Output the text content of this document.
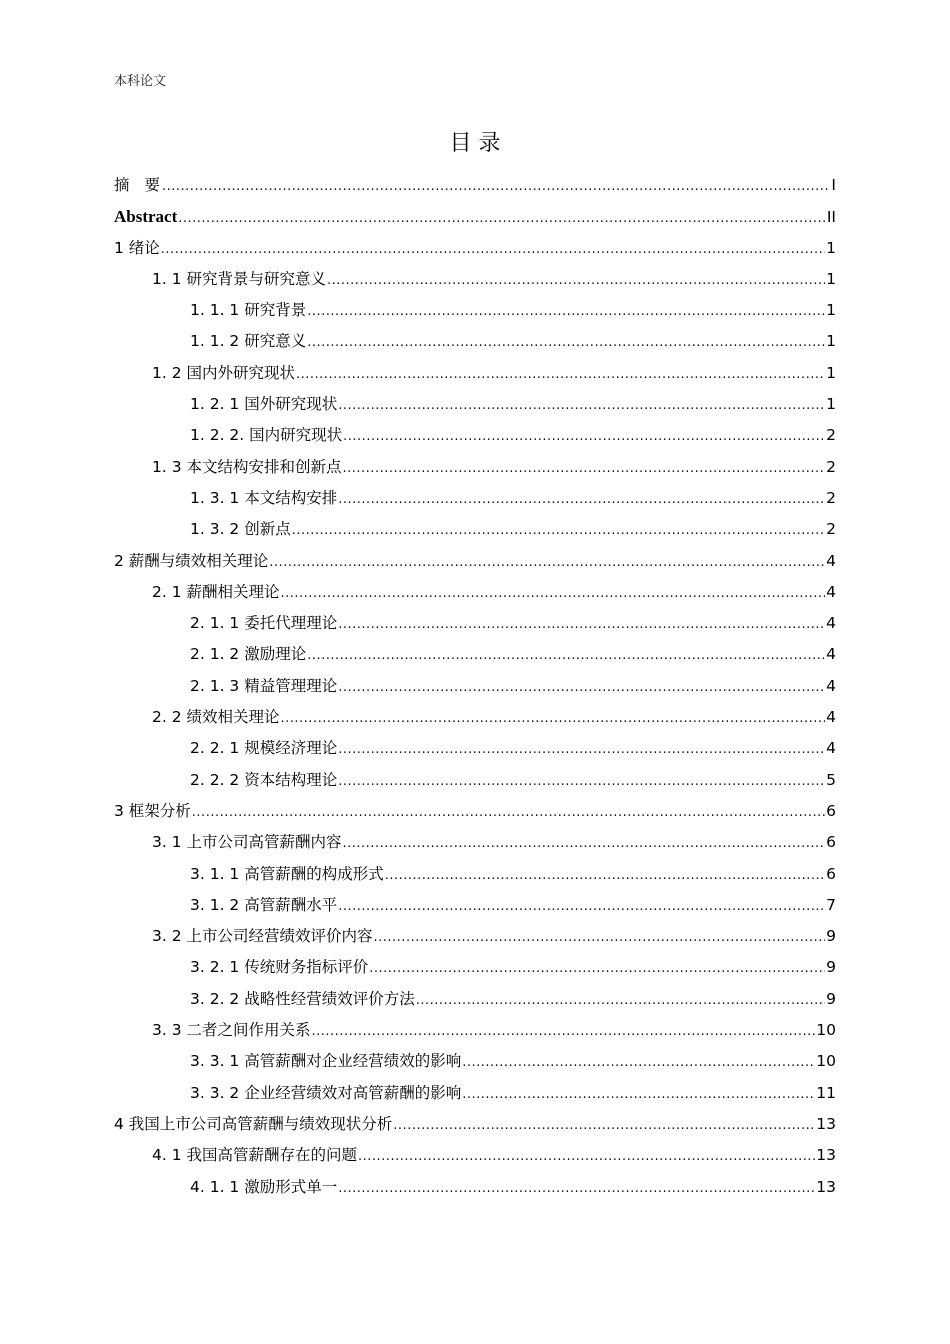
本科论文
目 录
摘要 .....	I
Abstract .....	II
1 绪论 .....	1
1. 1 研究背景与研究意义 .....	1
1. 1. 1 研究背景 .....	1
1. 1. 2 研究意义 .....	1
1. 2 国内外研究现状 .....	1
1. 2. 1 国外研究现状 .....	1
1. 2. 2. 国内研究现状 .....	2
1. 3 本文结构安排和创新点 .....	2
1. 3. 1 本文结构安排 .....	2
1. 3. 2 创新点 .....	2
2 薪酬与绩效相关理论 .....	4
2. 1 薪酬相关理论 .....	4
2. 1. 1 委托代理理论 .....	4
2. 1. 2 激励理论 .....	4
2. 1. 3 精益管理理论 .....	4
2. 2 绩效相关理论 .....	4
2. 2. 1 规模经济理论 .....	4
2. 2. 2 资本结构理论 .....	5
3 框架分析 .....	6
3. 1 上市公司高管薪酬内容 .....	6
3. 1. 1 高管薪酬的构成形式 .....	6
3. 1. 2 高管薪酬水平 .....	7
3. 2 上市公司经营绩效评价内容 .....	9
3. 2. 1 传统财务指标评价 .....	9
3. 2. 2 战略性经营绩效评价方法 .....	9
3. 3 二者之间作用关系 .....	10
3. 3. 1 高管薪酬对企业经营绩效的影响 .....	10
3. 3. 2 企业经营绩效对高管薪酬的影响 .....	11
4 我国上市公司高管薪酬与绩效现状分析 .....	13
4. 1 我国高管薪酬存在的问题 .....	13
4. 1. 1 激励形式单一 .....	13
